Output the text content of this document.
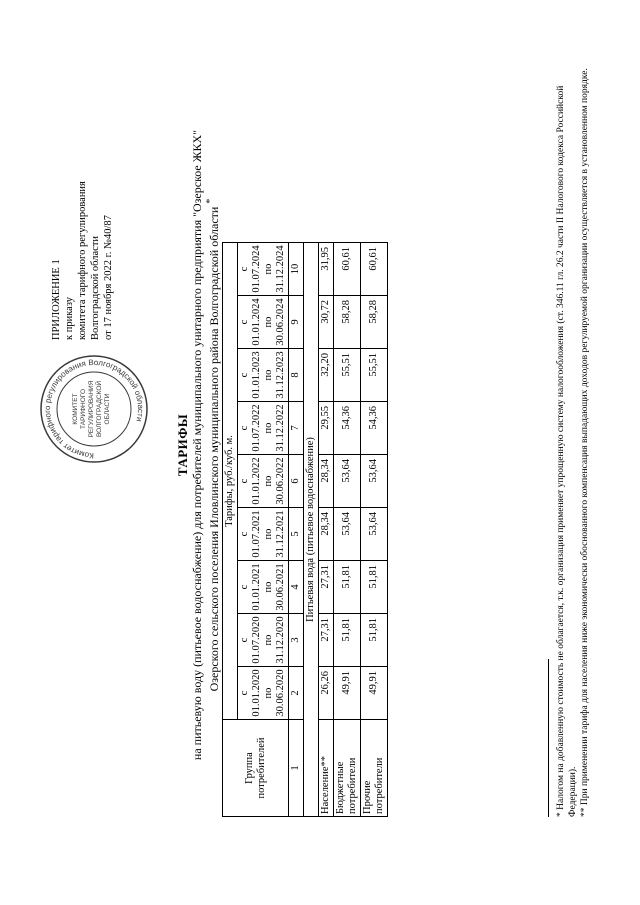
ПРИЛОЖЕНИЕ 1 к приказу комитета тарифного регулирования Волгоградской области от 17 ноября 2022 г. №40/87
Комитет тарифного регулирования Волгоградской области
КОМИТЕТ ТАРИФНОГО РЕГУЛИРОВАНИЯ ВОЛГОГРАДСКОЙ ОБЛАСТИ
ТАРИФЫ на питьевую воду (питьевое водоснабжение) для потребителей муниципального унитарного предприятия "Озерское ЖКХ" Озерского сельского поселения Иловлинского муниципального района Волгоградской области *
Группа потребителей	Тарифы, руб./куб. м.								
	с 01.01.2020 по 30.06.2020	с 01.07.2020 по 31.12.2020	с 01.01.2021 по 30.06.2021	с 01.07.2021 по 31.12.2021	с 01.01.2022 по 30.06.2022	с 01.07.2022 по 31.12.2022	с 01.01.2023 по 31.12.2023	с 01.01.2024 по 30.06.2024	с 01.07.2024 по 31.12.2024
1	2	3	4	5	6	7	8	9	10
Питьевая вода (питьевое водоснабжение)									
Население**	26,26	27,31	27,31	28,34	28,34	29,55	32,20	30,72	31,95
Бюджетные потребители	49,91	51,81	51,81	53,64	53,64	54,36	55,51	58,28	60,61
Прочие потребители	49,91	51,81	51,81	53,64	53,64	54,36	55,51	58,28	60,61	* Налогом на добавленную стоимость не облагается, т.к. организация применяет упрощенную систему налогообложения (ст. 346.11 гл. 26.2 части II Налогового кодекса Российской Федерации). ** При применении тарифа для населения ниже экономически обоснованного компенсация выпадающих доходов регулируемой организации осуществляется в установленном порядке.
